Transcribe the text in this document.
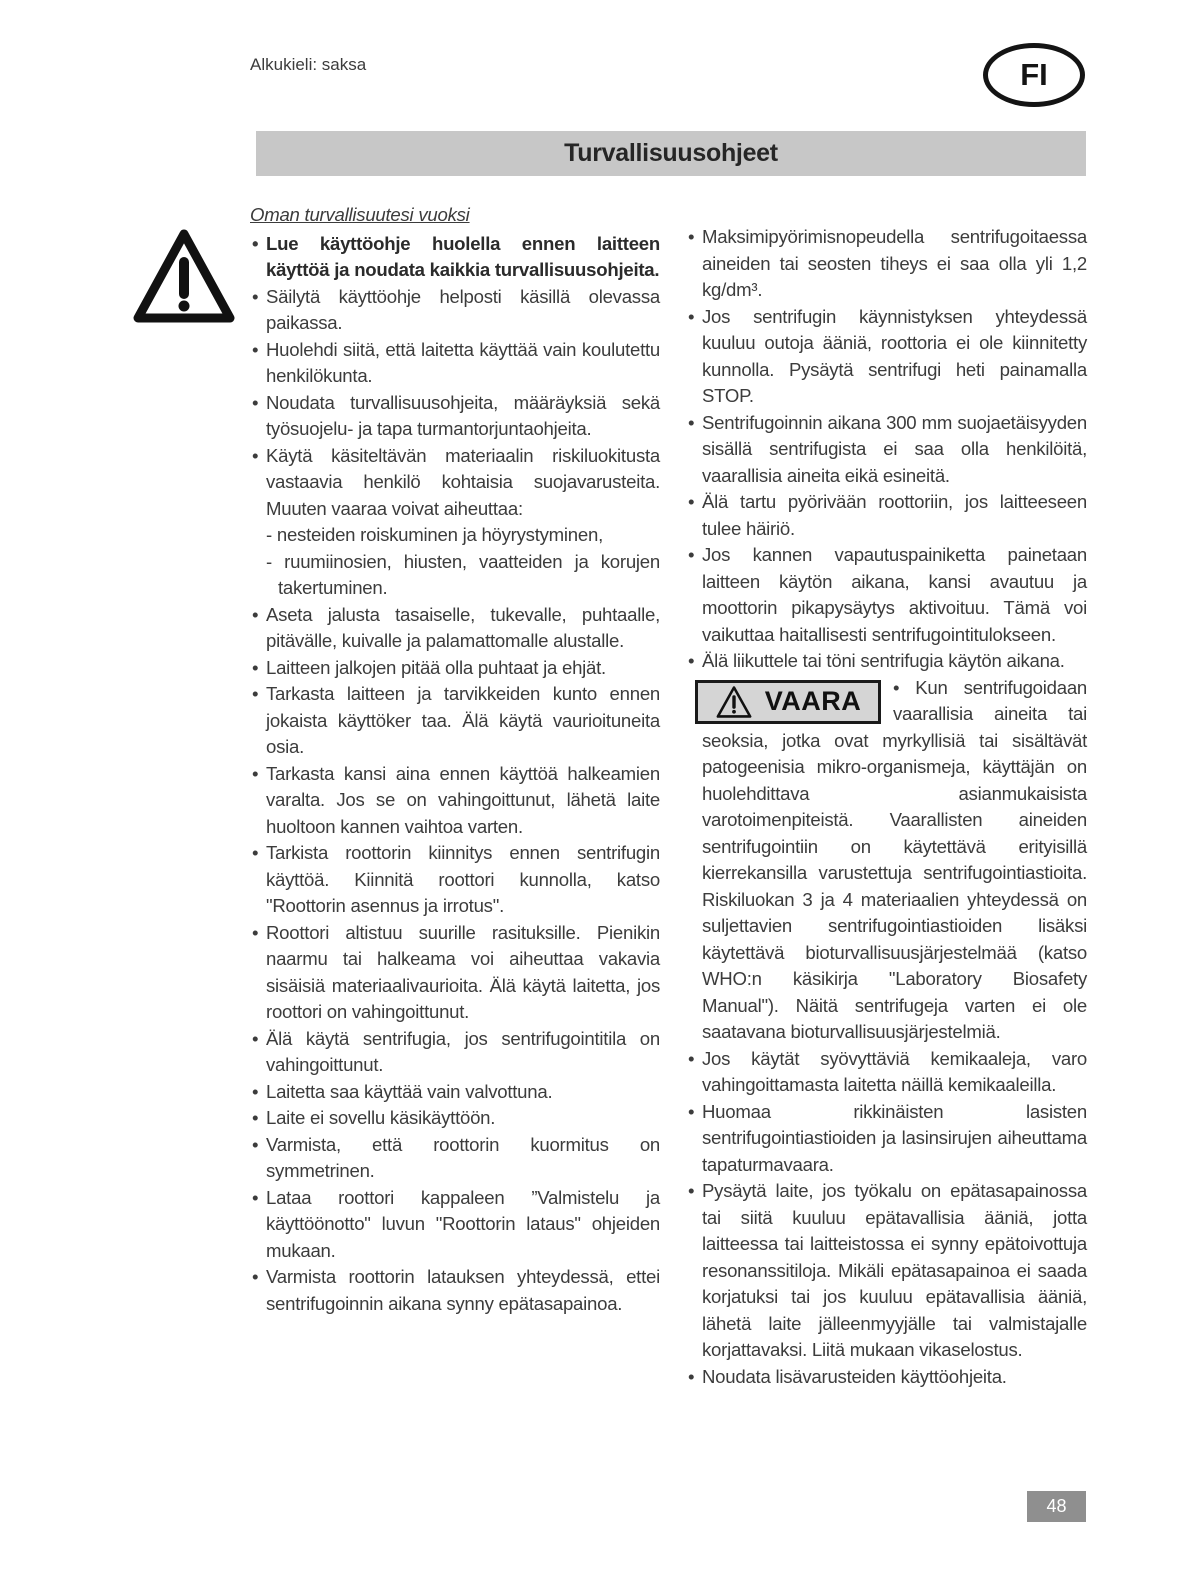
Alkukieli: saksa	FI
Turvallisuusohjeet
Oman turvallisuutesi vuoksi
• Lue käyttöohje huolella ennen laitteen käyttöä ja noudata kaikkia turvallisuusohjeita.
• Säilytä käyttöohje helposti käsillä olevassa paikassa.
• Huolehdi siitä, että laitetta käyttää vain koulutettu henkilökunta.
• Noudata turvallisuusohjeita, määräyksiä sekä työsuojelu- ja tapa turmantorjuntaohjeita.
• Käytä käsiteltävän materiaalin riskiluokitusta vastaavia henkilö kohtaisia suojavarusteita. Muuten vaaraa voivat aiheuttaa:
- nesteiden roiskuminen ja höyrystyminen,
- ruumiinosien, hiusten, vaatteiden ja korujen takertuminen.
• Aseta jalusta tasaiselle, tukevalle, puhtaalle, pitävälle, kuivalle ja palamattomalle alustalle.
• Laitteen jalkojen pitää olla puhtaat ja ehjät.
• Tarkasta laitteen ja tarvikkeiden kunto ennen jokaista käyttöker taa. Älä käytä vaurioituneita osia.
• Tarkasta kansi aina ennen käyttöä halkeamien varalta. Jos se on vahingoittunut, lähetä laite huoltoon kannen vaihtoa varten.
• Tarkista roottorin kiinnitys ennen sentrifugin käyttöä. Kiinnitä roottori kunnolla, katso "Roottorin asennus ja irrotus".
• Roottori altistuu suurille rasituksille. Pienikin naarmu tai halkeama voi aiheuttaa vakavia sisäisiä materiaalivaurioita. Älä käytä laitetta, jos roottori on vahingoittunut.
• Älä käytä sentrifugia, jos sentrifugointitila on vahingoittunut.
• Laitetta saa käyttää vain valvottuna.
• Laite ei sovellu käsikäyttöön.
• Varmista, että roottorin kuormitus on symmetrinen.
• Lataa roottori kappaleen ”Valmistelu ja käyttöönotto" luvun "Roottorin lataus" ohjeiden mukaan.
• Varmista roottorin latauksen yhteydessä, ettei sentrifugoinnin aikana synny epätasapainoa.
• Maksimipyörimisnopeudella sentrifugoitaessa aineiden tai seosten tiheys ei saa olla yli 1,2 kg/dm³.
• Jos sentrifugin käynnistyksen yhteydessä kuuluu outoja ääniä, roottoria ei ole kiinnitetty kunnolla. Pysäytä sentrifugi heti painamalla STOP.
• Sentrifugoinnin aikana 300 mm suojaetäisyyden sisällä sentrifugista ei saa olla henkilöitä, vaarallisia aineita eikä esineitä.
• Älä tartu pyörivään roottoriin, jos laitteeseen tulee häiriö.
• Jos kannen vapautuspainiketta painetaan laitteen käytön aikana, kansi avautuu ja moottorin pikapysäytys aktivoituu. Tämä voi vaikuttaa haitallisesti sentrifugointitulokseen.
• Älä liikuttele tai töni sentrifugia käytön aikana.
VAARA •	Kun sentrifugoidaan vaarallisia aineita tai seoksia, jotka ovat myrkyllisiä tai sisältävät patogeenisia mikro-organismeja, käyttäjän on huolehdittava asianmukaisista varotoimenpiteistä. Vaarallisten aineiden sentrifugointiin on käytettävä erityisillä kierrekansilla varustettuja sentrifugointiastioita. Riskiluokan 3 ja 4 materiaalien yhteydessä on suljettavien sentrifugointiastioiden lisäksi käytettävä bioturvallisuusjärjestelmää (katso WHO:n käsikirja "Laboratory Biosafety Manual"). Näitä sentrifugeja varten ei ole saatavana bioturvallisuusjärjestelmiä.
• Jos käytät syövyttäviä kemikaaleja, varo vahingoittamasta laitetta näillä kemikaaleilla.
• Huomaa rikkinäisten lasisten sentrifugointiastioiden ja lasinsirujen aiheuttama tapaturmavaara.
• Pysäytä laite, jos työkalu on epätasapainossa tai siitä kuuluu epätavallisia ääniä, jotta laitteessa tai laitteistossa ei synny epätoivottuja resonanssitiloja. Mikäli epätasapainoa ei saada korjatuksi tai jos kuuluu epätavallisia ääniä, lähetä laite jälleenmyyjälle tai valmistajalle korjattavaksi. Liitä mukaan vikaselostus.
• Noudata lisävarusteiden käyttöohjeita.
48
